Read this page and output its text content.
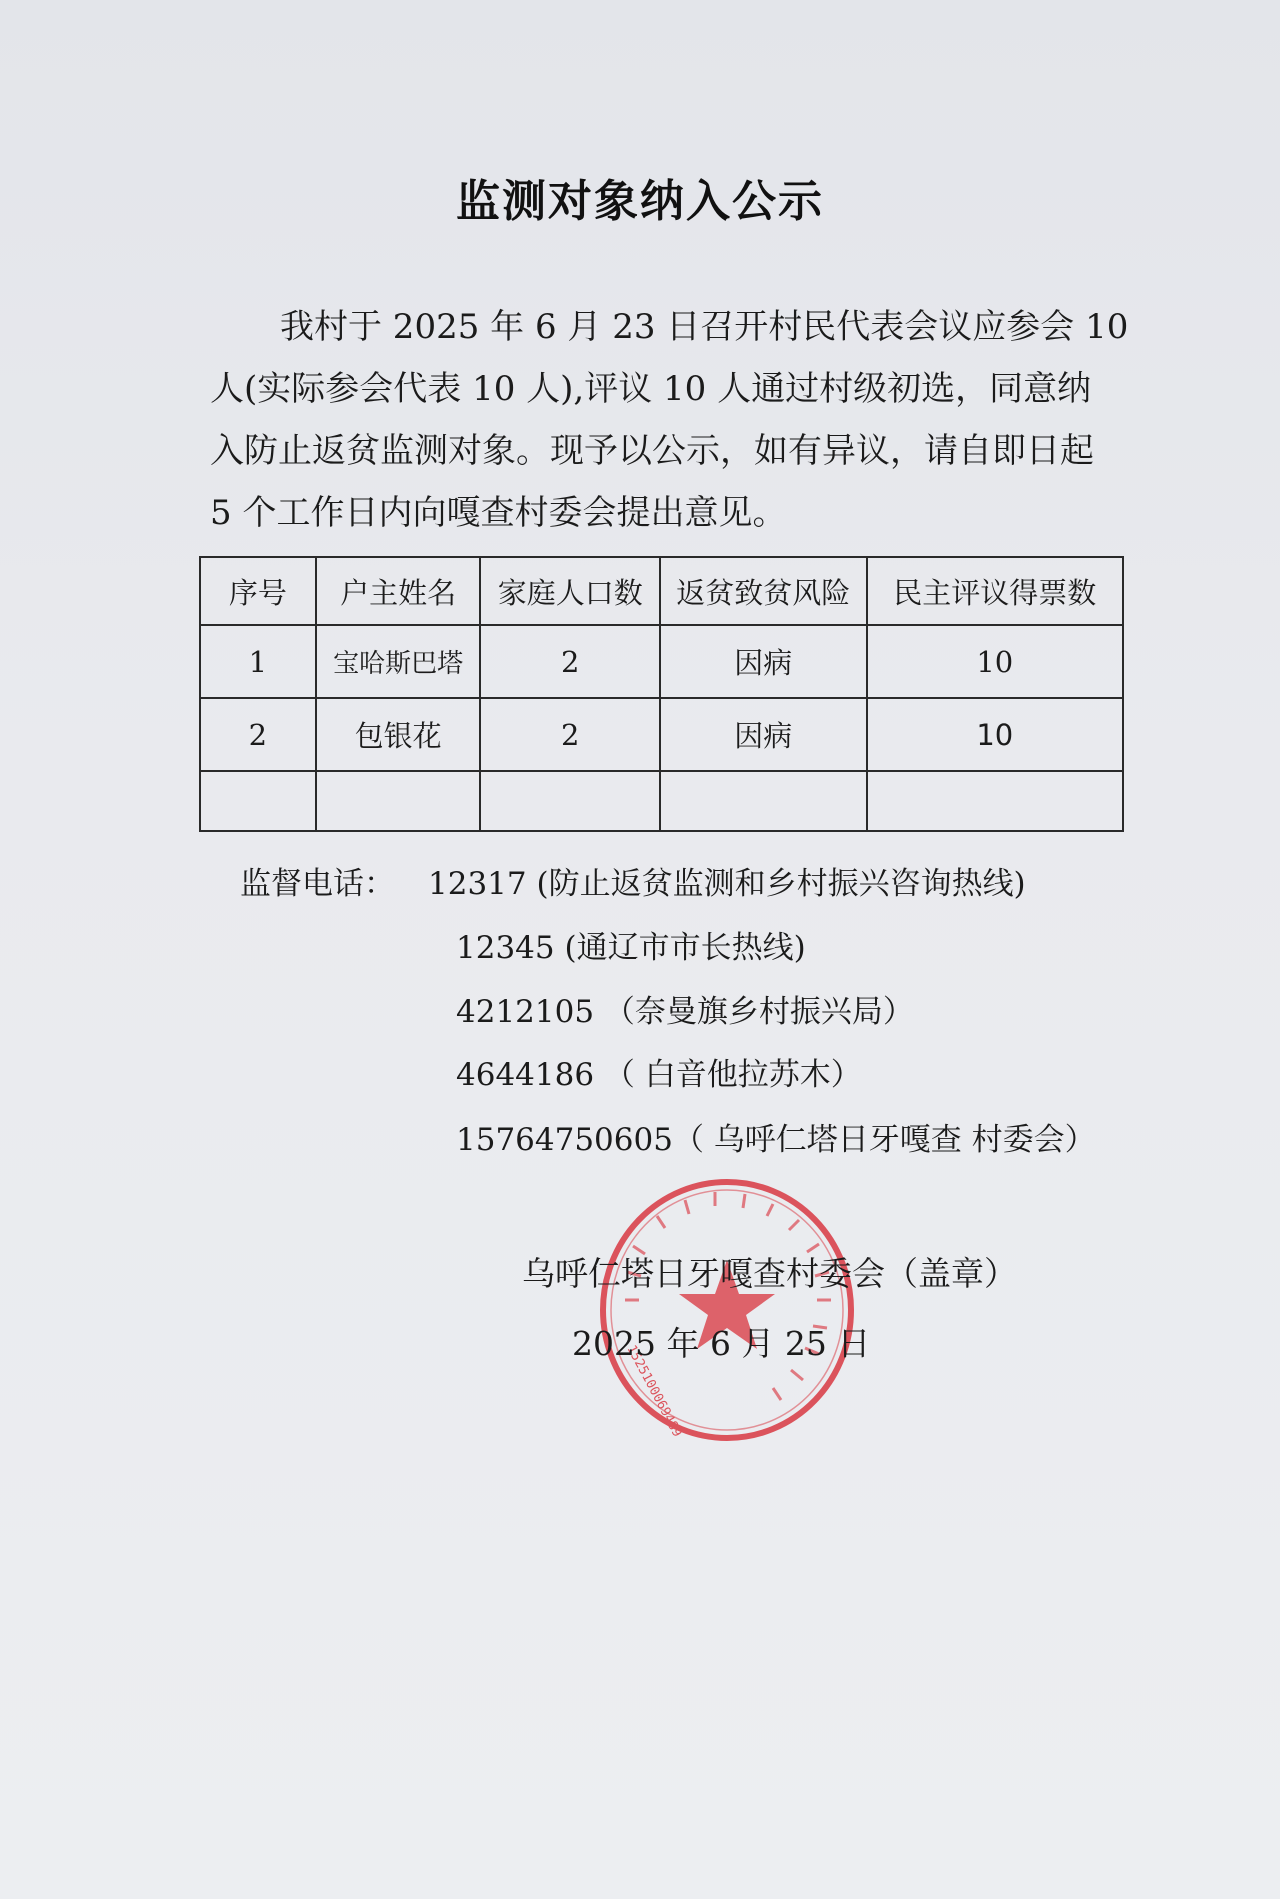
监测对象纳入公示
我村于 2025 年 6 月 23 日召开村民代表会议应参会 10
人(实际参会代表 10 人),评议 10 人通过村级初选，同意纳
入防止返贫监测对象。现予以公示，如有异议，请自即日起
5 个工作日内向嘎查村委会提出意见。
序号	户主姓名	家庭人口数	返贫致贫风险	民主评议得票数
1	宝哈斯巴塔	2	因病	10
2	包银花	2	因病	10

监督电话： 12317 (防止返贫监测和乡村振兴咨询热线)
12345 (通辽市市长热线)
4212105 （奈曼旗乡村振兴局）
4644186 （ 白音他拉苏木）
15764750605（ 乌呼仁塔日牙嘎查 村委会）
1525100069489
乌呼仁塔日牙嘎查村委会（盖章）
2025 年 6 月 25 日
